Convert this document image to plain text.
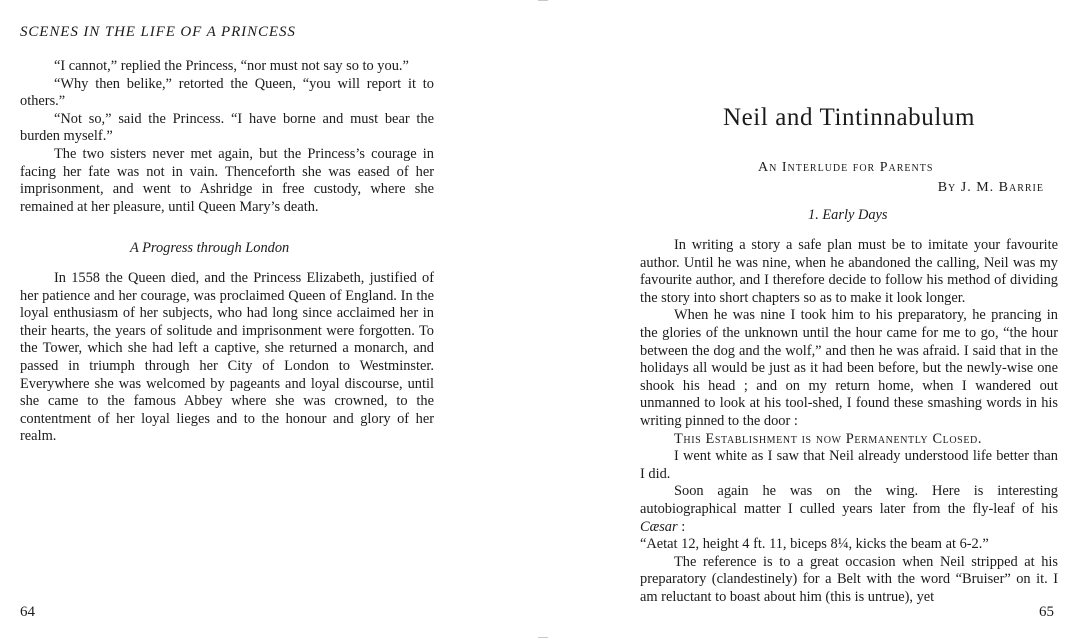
SCENES IN THE LIFE OF A PRINCESS

“I cannot,” replied the Princess, “nor must not say so to you.”

“Why then belike,” retorted the Queen, “you will report it to others.”

“Not so,” said the Princess. “I have borne and must bear the burden myself.”

The two sisters never met again, but the Princess’s courage in facing her fate was not in vain. Thenceforth she was eased of her imprisonment, and went to Ashridge in free custody, where she remained at her pleasure, until Queen Mary’s death.

A Progress through London

In 1558 the Queen died, and the Princess Elizabeth, justified of her patience and her courage, was proclaimed Queen of England. In the loyal enthusiasm of her subjects, who had long since acclaimed her in their hearts, the years of solitude and imprisonment were forgotten. To the Tower, which she had left a captive, she returned a monarch, and passed in triumph through her City of London to Westminster. Everywhere she was welcomed by pageants and loyal discourse, until she came to the famous Abbey where she was crowned, to the contentment of her loyal lieges and to the honour and glory of her realm.

64
Neil and Tintinnabulum
An Interlude for Parents
By J. M. Barrie
1. Early Days

In writing a story a safe plan must be to imitate your favourite author. Until he was nine, when he abandoned the calling, Neil was my favourite author, and I therefore decide to follow his method of dividing the story into short chapters so as to make it look longer.

When he was nine I took him to his preparatory, he prancing in the glories of the unknown until the hour came for me to go, “the hour between the dog and the wolf,” and then he was afraid. I said that in the holidays all would be just as it had been before, but the newly-wise one shook his head ; and on my return home, when I wandered out unmanned to look at his tool-shed, I found these smashing words in his writing pinned to the door :

This Establishment is now Permanently Closed.

I went white as I saw that Neil already understood life better than I did.

Soon again he was on the wing. Here is interesting autobiographical matter I culled years later from the fly-leaf of his Cæsar :

“Aetat 12, height 4 ft. 11, biceps 8¼, kicks the beam at 6-2.”

The reference is to a great occasion when Neil stripped at his preparatory (clandestinely) for a Belt with the word “Bruiser” on it. I am reluctant to boast about him (this is untrue), yet

65
